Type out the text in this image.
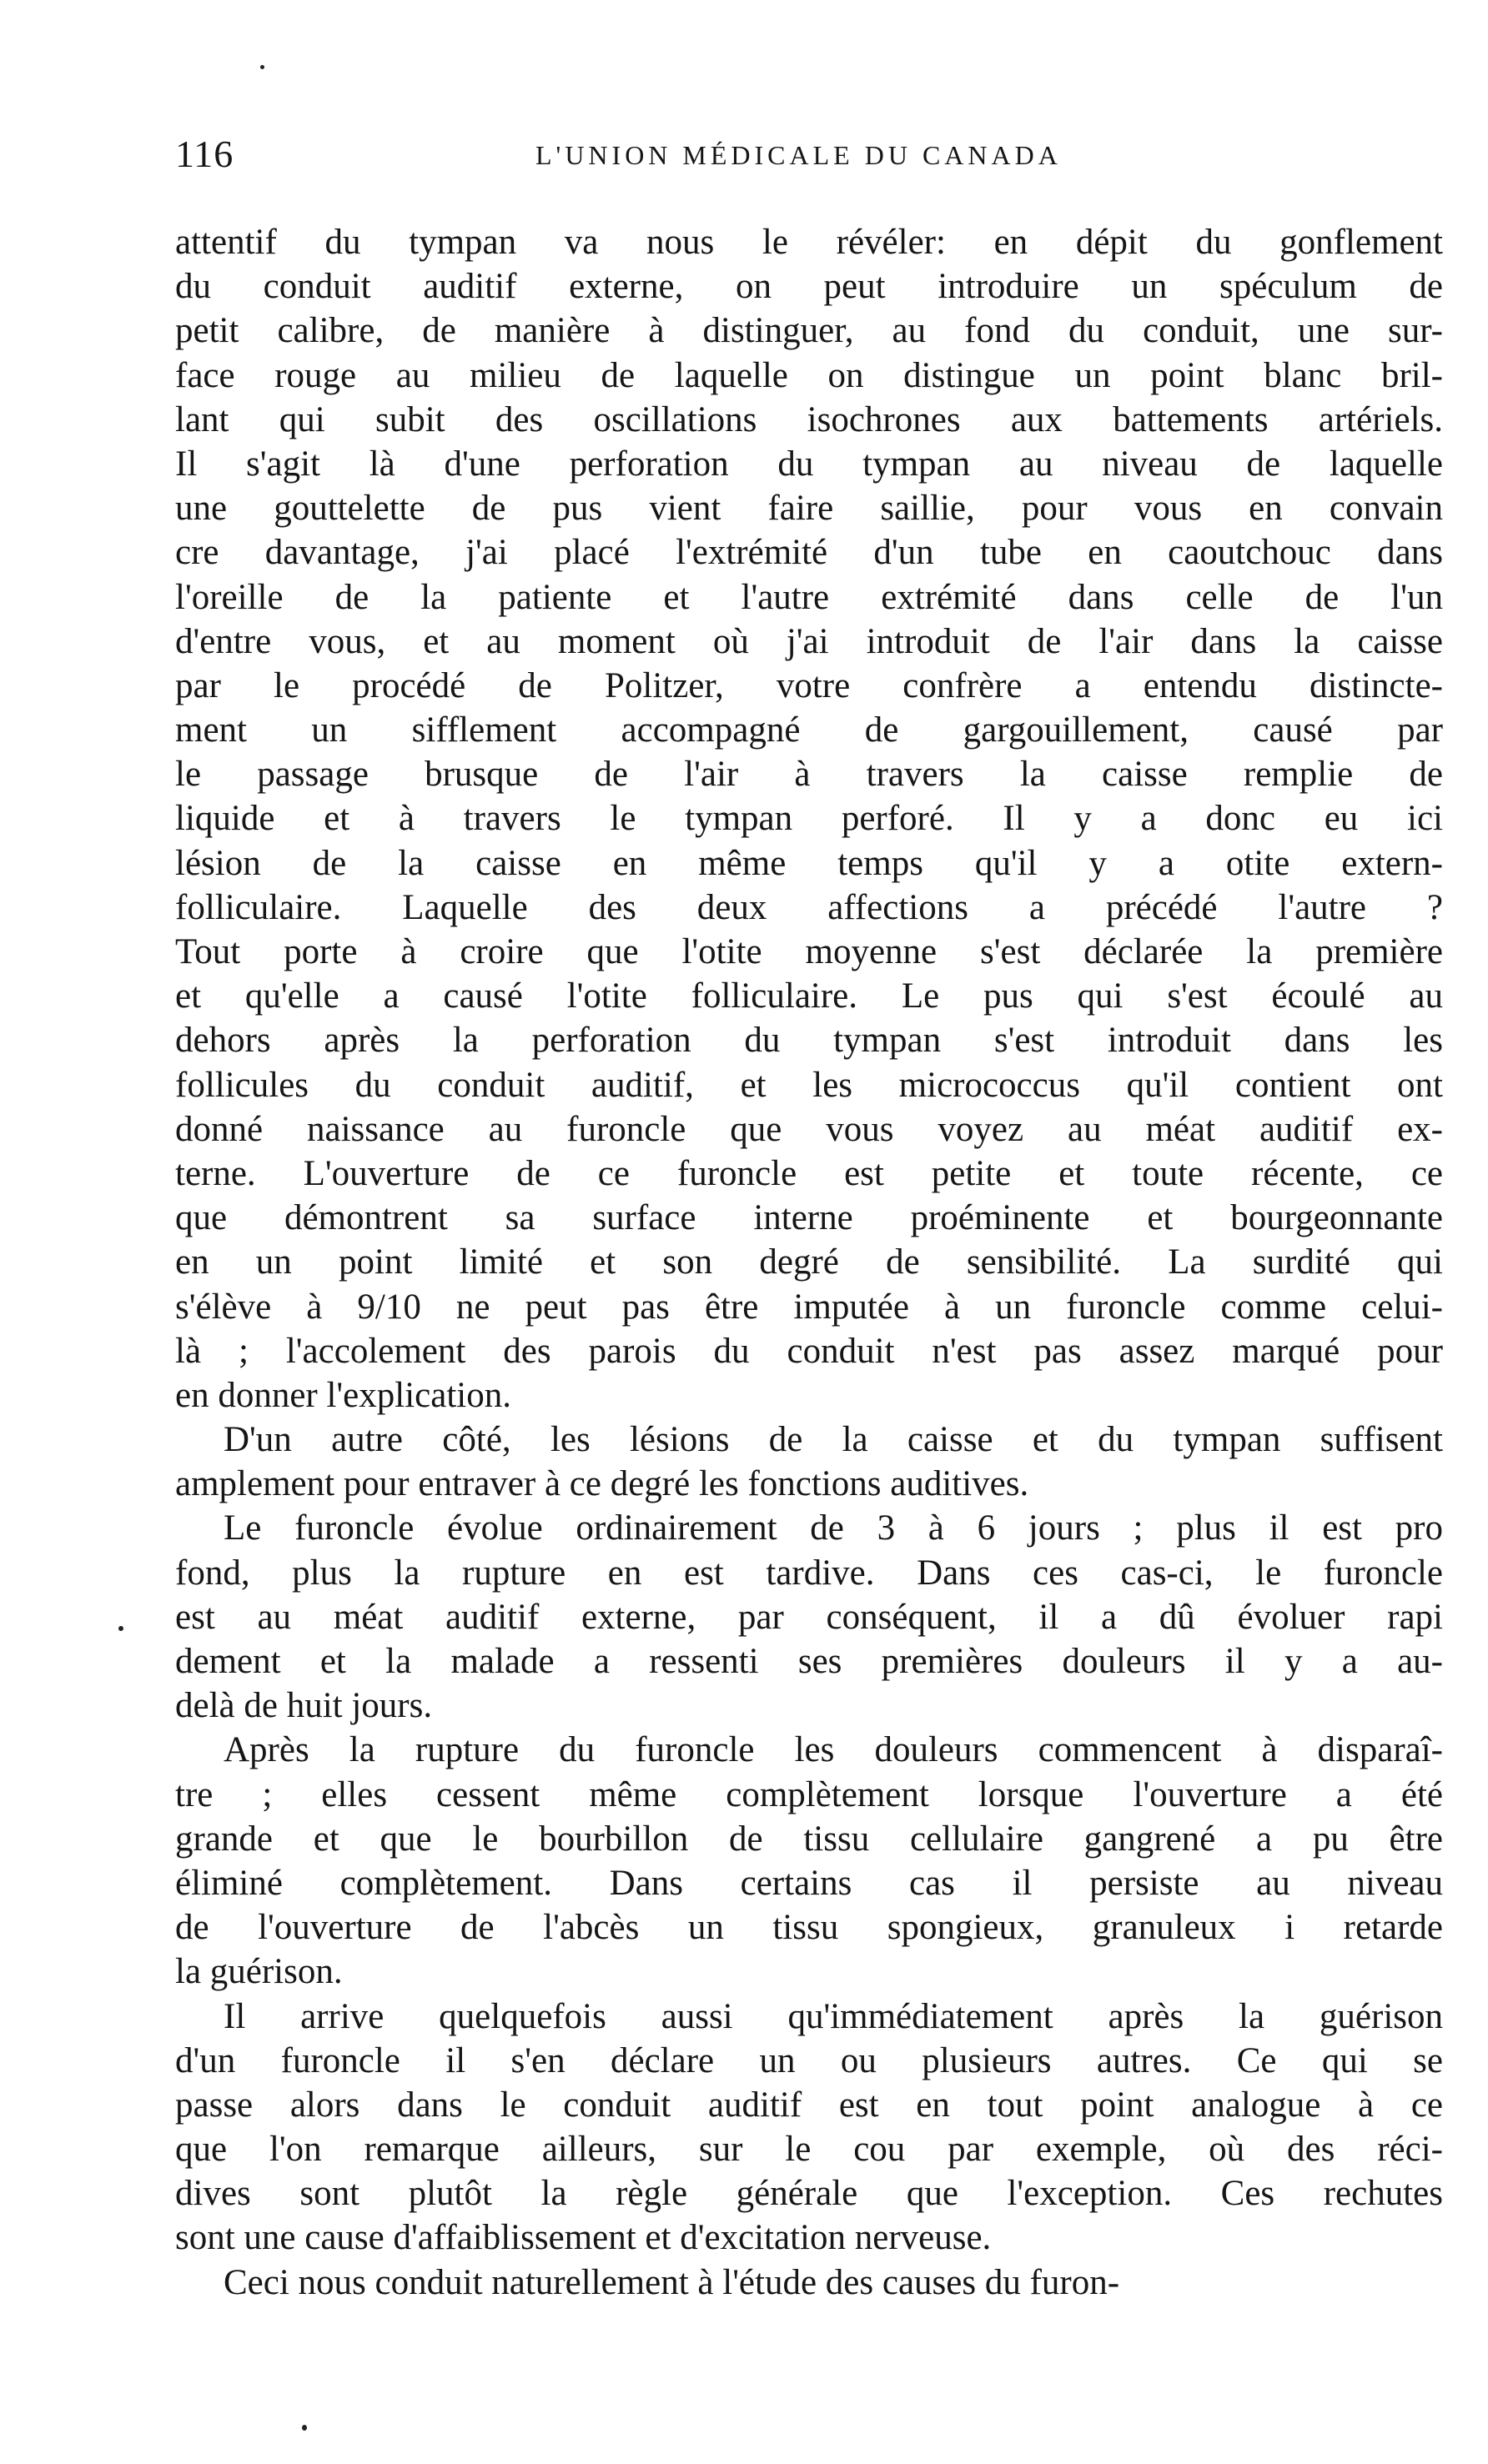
116	L'UNION MÉDICALE DU CANADA
attentif du tympan va nous le révéler: en dépit du gonflement
du conduit auditif externe, on peut introduire un spéculum de
petit calibre, de manière à distinguer, au fond du conduit, une sur-
face rouge au milieu de laquelle on distingue un point blanc bril-
lant qui subit des oscillations isochrones aux battements artériels.
Il s'agit là d'une perforation du tympan au niveau de laquelle
une gouttelette de pus vient faire saillie, pour vous en convain
cre davantage, j'ai placé l'extrémité d'un tube en caoutchouc dans
l'oreille de la patiente et l'autre extrémité dans celle de l'un
d'entre vous, et au moment où j'ai introduit de l'air dans la caisse
par le procédé de Politzer, votre confrère a entendu distincte-
ment un sifflement accompagné de gargouillement, causé par
le passage brusque de l'air à travers la caisse remplie de
liquide et à travers le tympan perforé. Il y a donc eu ici
lésion de la caisse en même temps qu'il y a otite extern-
folliculaire. Laquelle des deux affections a précédé l'autre ?
Tout porte à croire que l'otite moyenne s'est déclarée la première
et qu'elle a causé l'otite folliculaire. Le pus qui s'est écoulé au
dehors après la perforation du tympan s'est introduit dans les
follicules du conduit auditif, et les micrococcus qu'il contient ont
donné naissance au furoncle que vous voyez au méat auditif ex-
terne. L'ouverture de ce furoncle est petite et toute récente, ce
que démontrent sa surface interne proéminente et bourgeonnante
en un point limité et son degré de sensibilité. La surdité qui
s'élève à 9/10 ne peut pas être imputée à un furoncle comme celui-
là ; l'accolement des parois du conduit n'est pas assez marqué pour
en donner l'explication.
D'un autre côté, les lésions de la caisse et du tympan suffisent
amplement pour entraver à ce degré les fonctions auditives.
Le furoncle évolue ordinairement de 3 à 6 jours ; plus il est pro
fond, plus la rupture en est tardive. Dans ces cas-ci, le furoncle
est au méat auditif externe, par conséquent, il a dû évoluer rapi
dement et la malade a ressenti ses premières douleurs il y a au-
delà de huit jours.
Après la rupture du furoncle les douleurs commencent à disparaî-
tre ; elles cessent même complètement lorsque l'ouverture a été
grande et que le bourbillon de tissu cellulaire gangrené a pu être
éliminé complètement. Dans certains cas il persiste au niveau
de l'ouverture de l'abcès un tissu spongieux, granuleux i retarde
la guérison.
Il arrive quelquefois aussi qu'immédiatement après la guérison
d'un furoncle il s'en déclare un ou plusieurs autres. Ce qui se
passe alors dans le conduit auditif est en tout point analogue à ce
que l'on remarque ailleurs, sur le cou par exemple, où des réci-
dives sont plutôt la règle générale que l'exception. Ces rechutes
sont une cause d'affaiblissement et d'excitation nerveuse.
Ceci nous conduit naturellement à l'étude des causes du furon-
